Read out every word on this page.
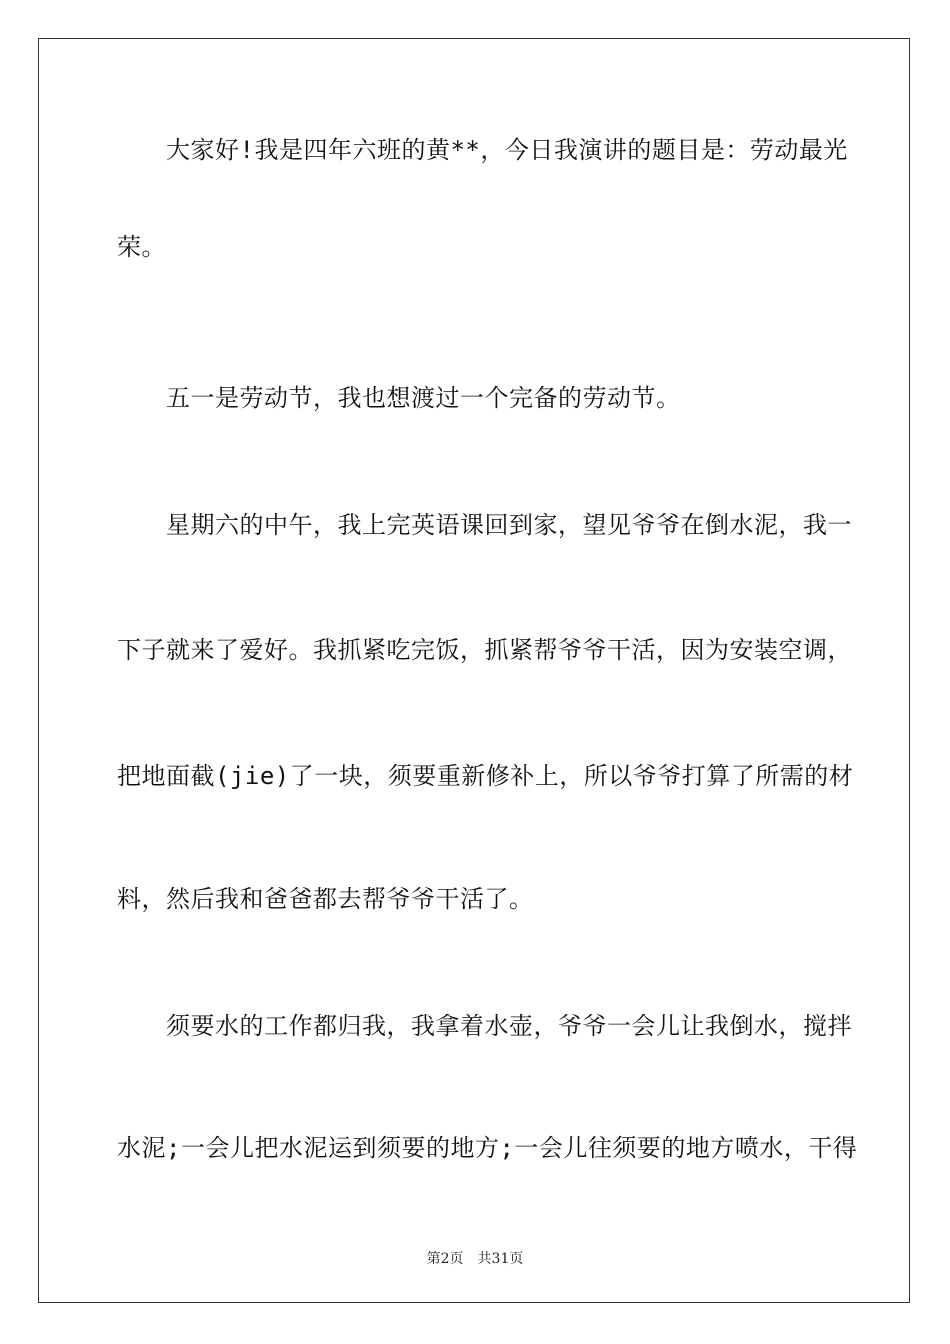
大家好!我是四年六班的黄**，今日我演讲的题目是：劳动最光
荣。
五一是劳动节，我也想渡过一个完备的劳动节。
星期六的中午，我上完英语课回到家，望见爷爷在倒水泥，我一
下子就来了爱好。我抓紧吃完饭，抓紧帮爷爷干活，因为安装空调，
把地面截(jie)了一块，须要重新修补上，所以爷爷打算了所需的材
料，然后我和爸爸都去帮爷爷干活了。
须要水的工作都归我，我拿着水壶，爷爷一会儿让我倒水，搅拌
水泥;一会儿把水泥运到须要的地方;一会儿往须要的地方喷水，干得
第2页 共31页
